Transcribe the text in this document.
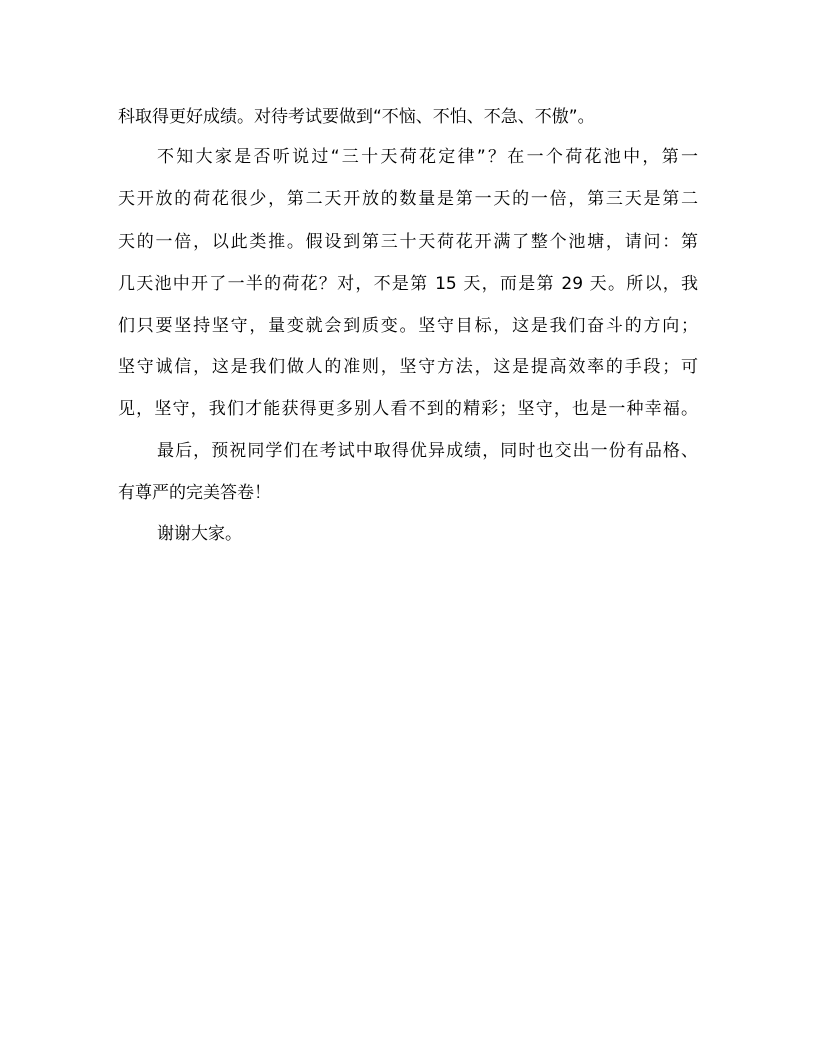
科取得更好成绩。对待考试要做到“不恼、不怕、不急、不傲”。

不知大家是否听说过“三十天荷花定律”？在一个荷花池中，第一

天开放的荷花很少，第二天开放的数量是第一天的一倍，第三天是第二

天的一倍，以此类推。假设到第三十天荷花开满了整个池塘，请问：第

几天池中开了一半的荷花？对，不是第 15 天，而是第 29 天。所以，我

们只要坚持坚守，量变就会到质变。坚守目标，这是我们奋斗的方向；

坚守诚信，这是我们做人的准则，坚守方法，这是提高效率的手段；可

见，坚守，我们才能获得更多别人看不到的精彩；坚守，也是一种幸福。

最后，预祝同学们在考试中取得优异成绩，同时也交出一份有品格、

有尊严的完美答卷！

谢谢大家。
